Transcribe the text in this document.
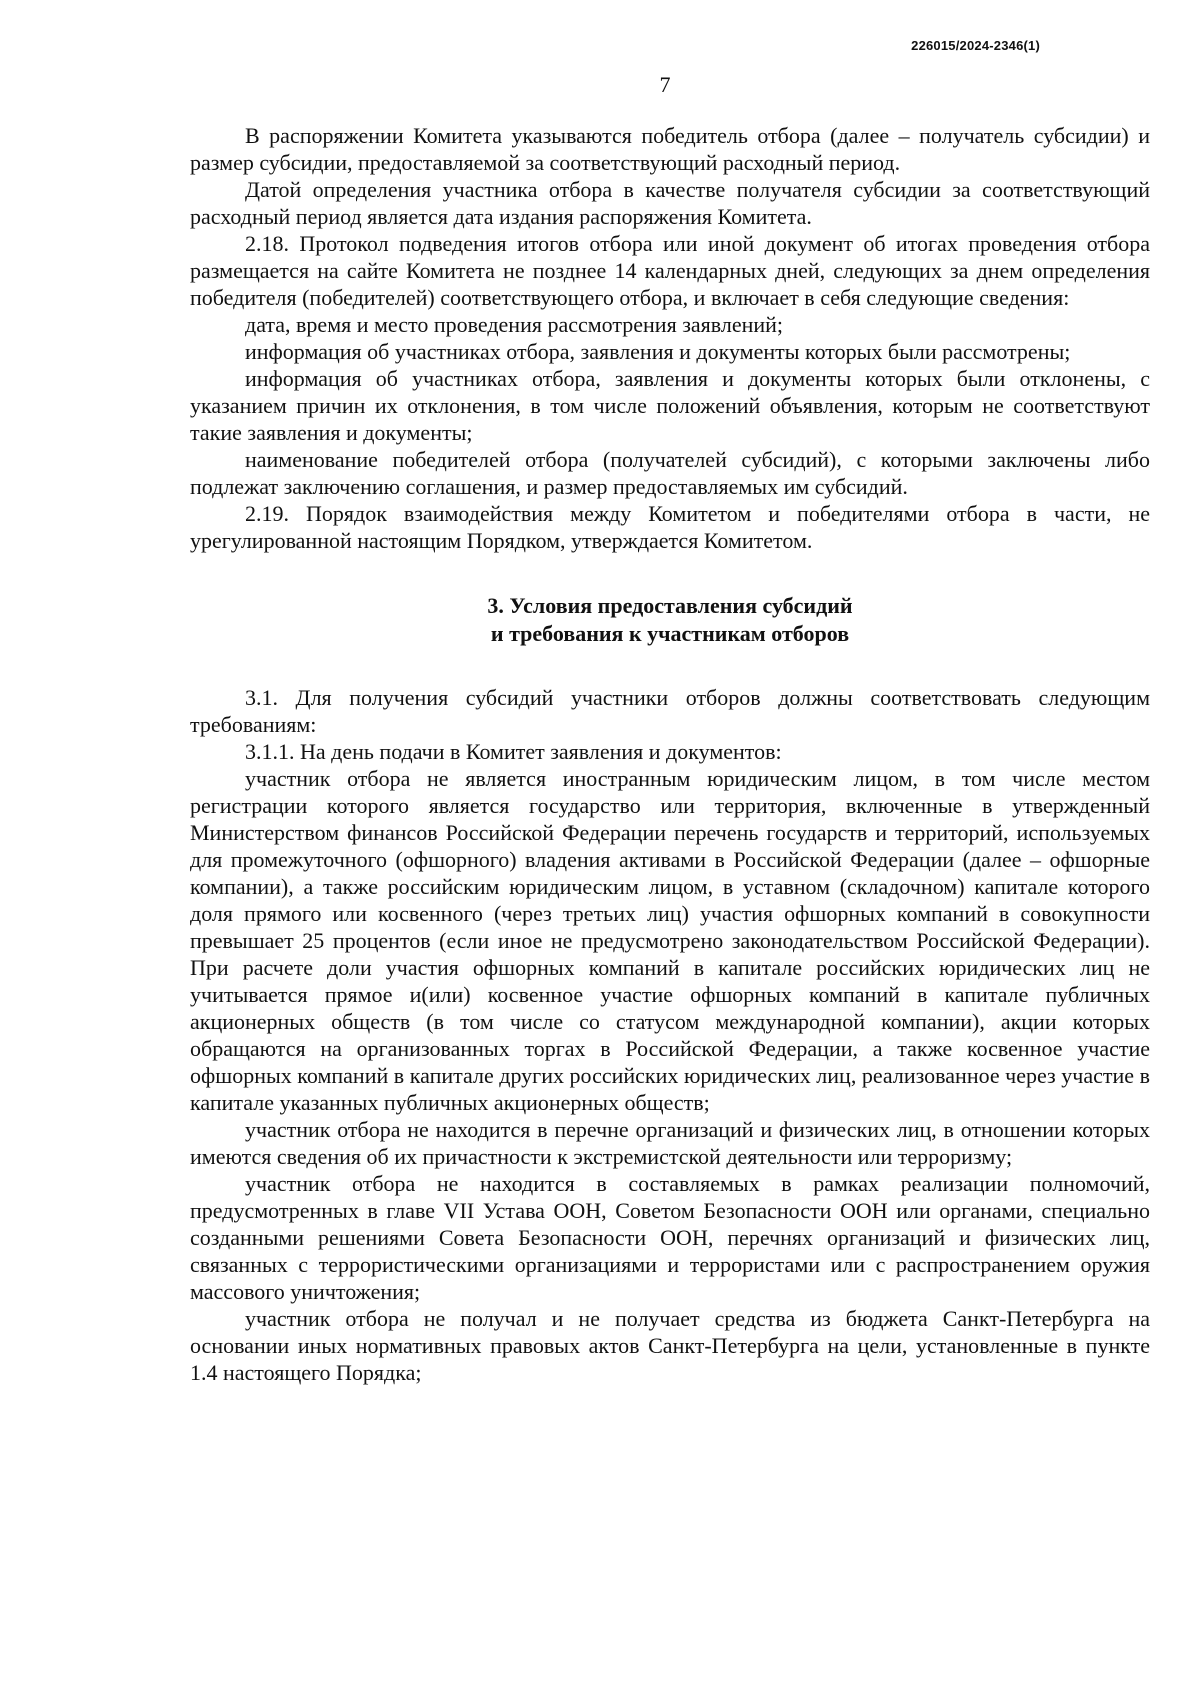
226015/2024-2346(1)
7

В распоряжении Комитета указываются победитель отбора (далее – получатель субсидии) и размер субсидии, предоставляемой за соответствующий расходный период.

Датой определения участника отбора в качестве получателя субсидии за соответствующий расходный период является дата издания распоряжения Комитета.

2.18. Протокол подведения итогов отбора или иной документ об итогах проведения отбора размещается на сайте Комитета не позднее 14 календарных дней, следующих за днем определения победителя (победителей) соответствующего отбора, и включает в себя следующие сведения:

дата, время и место проведения рассмотрения заявлений;

информация об участниках отбора, заявления и документы которых были рассмотрены;

информация об участниках отбора, заявления и документы которых были отклонены, с указанием причин их отклонения, в том числе положений объявления, которым не соответствуют такие заявления и документы;

наименование победителей отбора (получателей субсидий), с которыми заключены либо подлежат заключению соглашения, и размер предоставляемых им субсидий.

2.19. Порядок взаимодействия между Комитетом и победителями отбора в части, не урегулированной настоящим Порядком, утверждается Комитетом.

3. Условия предоставления субсидий
и требования к участникам отборов

3.1. Для получения субсидий участники отборов должны соответствовать следующим требованиям:

3.1.1. На день подачи в Комитет заявления и документов:

участник отбора не является иностранным юридическим лицом, в том числе местом регистрации которого является государство или территория, включенные в утвержденный Министерством финансов Российской Федерации перечень государств и территорий, используемых для промежуточного (офшорного) владения активами в Российской Федерации (далее – офшорные компании), а также российским юридическим лицом, в уставном (складочном) капитале которого доля прямого или косвенного (через третьих лиц) участия офшорных компаний в совокупности превышает 25 процентов (если иное не предусмотрено законодательством Российской Федерации). При расчете доли участия офшорных компаний в капитале российских юридических лиц не учитывается прямое и(или) косвенное участие офшорных компаний в капитале публичных акционерных обществ (в том числе со статусом международной компании), акции которых обращаются на организованных торгах в Российской Федерации, а также косвенное участие офшорных компаний в капитале других российских юридических лиц, реализованное через участие в капитале указанных публичных акционерных обществ;

участник отбора не находится в перечне организаций и физических лиц, в отношении которых имеются сведения об их причастности к экстремистской деятельности или терроризму;

участник отбора не находится в составляемых в рамках реализации полномочий, предусмотренных в главе VII Устава ООН, Советом Безопасности ООН или органами, специально созданными решениями Совета Безопасности ООН, перечнях организаций и физических лиц, связанных с террористическими организациями и террористами или с распространением оружия массового уничтожения;

участник отбора не получал и не получает средства из бюджета Санкт-Петербурга на основании иных нормативных правовых актов Санкт-Петербурга на цели, установленные в пункте 1.4 настоящего Порядка;
